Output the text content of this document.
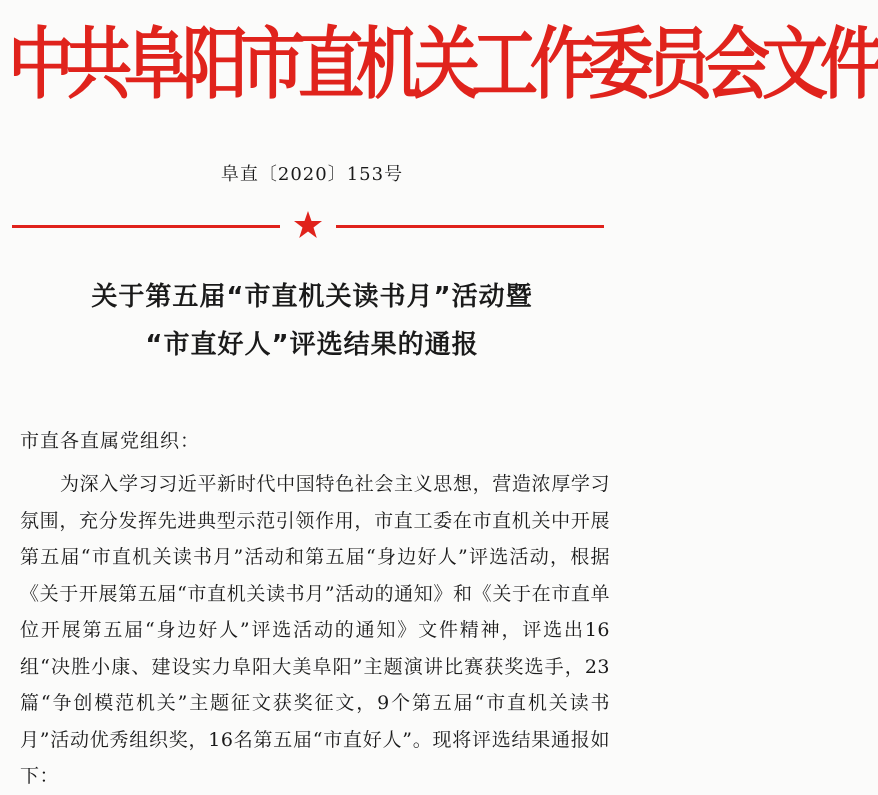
中共阜阳市直机关工作委员会文件
阜直〔2020〕153号
关于第五届“市直机关读书月”活动暨
“市直好人”评选结果的通报
市直各直属党组织：

为深入学习习近平新时代中国特色社会主义思想，营造浓厚学习氛围，充分发挥先进典型示范引领作用，市直工委在市直机关中开展第五届“市直机关读书月”活动和第五届“身边好人”评选活动，根据《关于开展第五届“市直机关读书月”活动的通知》和《关于在市直单位开展第五届“身边好人”评选活动的通知》文件精神，评选出16组“决胜小康、建设实力阜阳大美阜阳”主题演讲比赛获奖选手，23篇“争创模范机关”主题征文获奖征文，9个第五届“市直机关读书月”活动优秀组织奖，16名第五届“市直好人”。现将评选结果通报如下：
